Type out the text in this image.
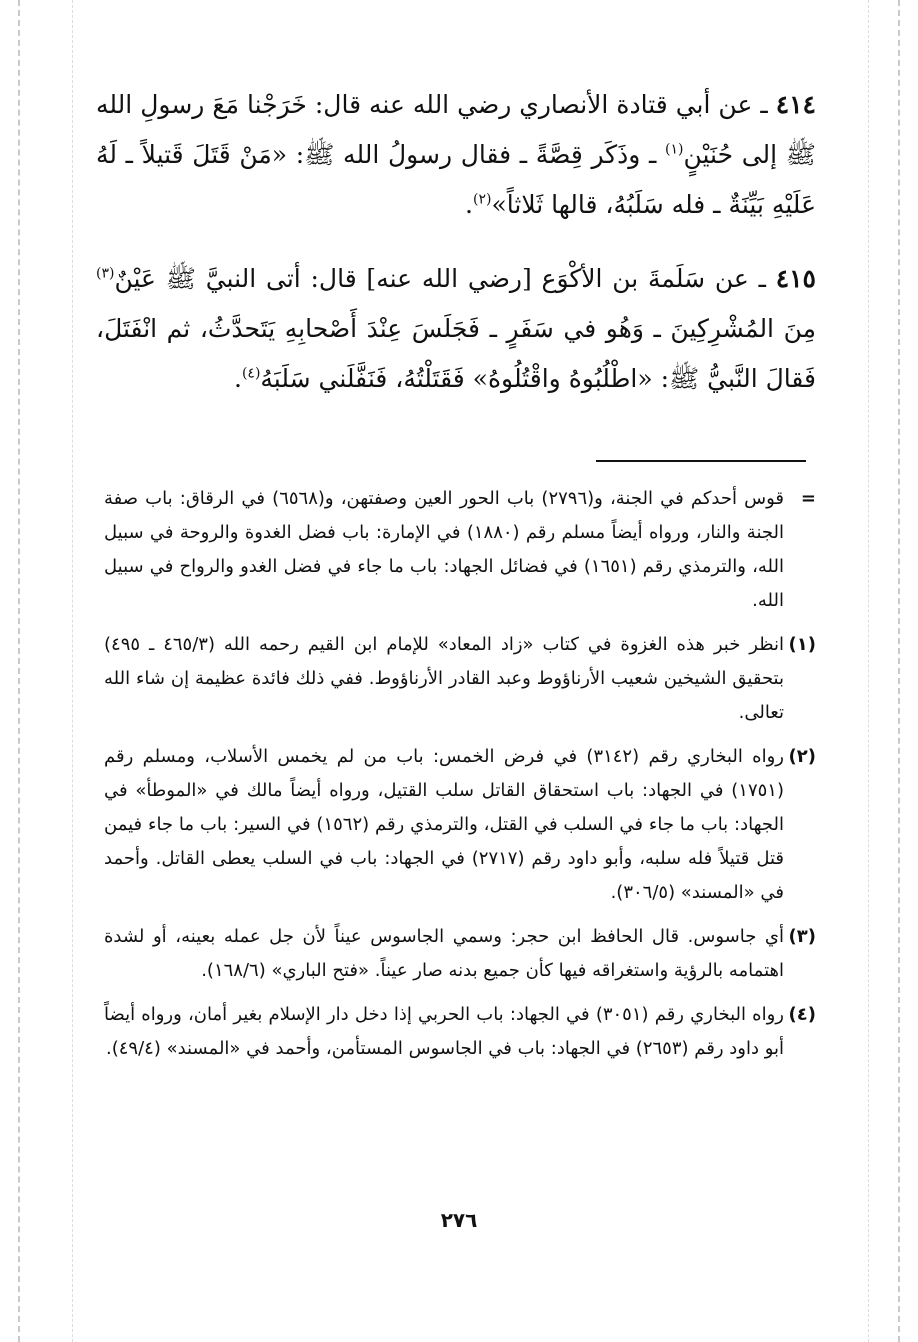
٤١٤ ـ عن أبي قتادة الأنصاري رضي الله عنه قال: خَرَجْنا مَعَ رسولِ الله ﷺ إلى حُنَيْنٍ$^{(١)}$ ـ وذَكَر قِصَّةً ـ فقال رسولُ الله ﷺ: «مَنْ قَتَلَ قَتيلاً ـ لَهُ عَلَيْهِ بَيِّنَةٌ ـ فله سَلَبُهُ، قالها ثَلاثاً»$^{(٢)}$.

٤١٥ ـ عن سَلَمةَ بن الأكْوَع [رضي الله عنه] قال: أتى النبيَّ ﷺ عَيْنٌ$^{(٣)}$ مِنَ المُشْرِكِينَ ـ وَهُو في سَفَرٍ ـ فَجَلَسَ عِنْدَ أَصْحابِهِ يَتَحدَّثُ، ثم انْفَتَلَ، فَقالَ النَّبيُّ ﷺ: «اطْلُبُوهُ واقْتُلُوهُ» فَقَتَلْتُهُ، فَنَفَّلَني سَلَبَهُ$^{(٤)}$.

=قوس أحدكم في الجنة، و(٢٧٩٦) باب الحور العين وصفتهن، و(٦٥٦٨) في الرقاق: باب صفة الجنة والنار، ورواه أيضاً مسلم رقم (١٨٨٠) في الإمارة: باب فضل الغدوة والروحة في سبيل الله، والترمذي رقم (١٦٥١) في فضائل الجهاد: باب ما جاء في فضل الغدو والرواح في سبيل الله.

(١)انظر خبر هذه الغزوة في كتاب «زاد المعاد» للإمام ابن القيم رحمه الله (٤٦٥/٣ ـ ٤٩٥) بتحقيق الشيخين شعيب الأرناؤوط وعبد القادر الأرناؤوط. ففي ذلك فائدة عظيمة إن شاء الله تعالى.

(٢)رواه البخاري رقم (٣١٤٢) في فرض الخمس: باب من لم يخمس الأسلاب، ومسلم رقم (١٧٥١) في الجهاد: باب استحقاق القاتل سلب القتيل، ورواه أيضاً مالك في «الموطأ» في الجهاد: باب ما جاء في السلب في القتل، والترمذي رقم (١٥٦٢) في السير: باب ما جاء فيمن قتل قتيلاً فله سلبه، وأبو داود رقم (٢٧١٧) في الجهاد: باب في السلب يعطى القاتل. وأحمد في «المسند» (٣٠٦/٥).

(٣)أي جاسوس. قال الحافظ ابن حجر: وسمي الجاسوس عيناً لأن جل عمله بعينه، أو لشدة اهتمامه بالرؤية واستغراقه فيها كأن جميع بدنه صار عيناً. «فتح الباري» (١٦٨/٦).

(٤)رواه البخاري رقم (٣٠٥١) في الجهاد: باب الحربي إذا دخل دار الإسلام بغير أمان، ورواه أيضاً أبو داود رقم (٢٦٥٣) في الجهاد: باب في الجاسوس المستأمن، وأحمد في «المسند» (٤٩/٤).

٢٧٦
